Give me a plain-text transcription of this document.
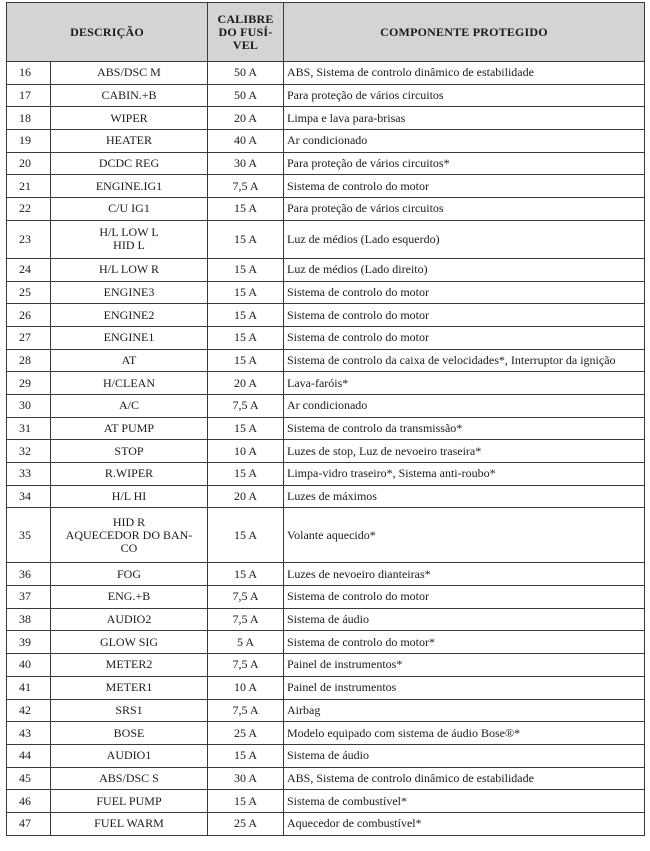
DESCRIÇÃO		CALIBRE
DO FUSÍ-
VEL	COMPONENTE PROTEGIDO
16	ABS/DSC M	50 A	ABS, Sistema de controlo dinâmico de estabilidade
17	CABIN.+B	50 A	Para proteção de vários circuitos
18	WIPER	20 A	Limpa e lava para-brisas
19	HEATER	40 A	Ar condicionado
20	DCDC REG	30 A	Para proteção de vários circuitos*
21	ENGINE.IG1	7,5 A	Sistema de controlo do motor
22	C/U IG1	15 A	Para proteção de vários circuitos
23	H/L LOW L
HID L	15 A	Luz de médios (Lado esquerdo)
24	H/L LOW R	15 A	Luz de médios (Lado direito)
25	ENGINE3	15 A	Sistema de controlo do motor
26	ENGINE2	15 A	Sistema de controlo do motor
27	ENGINE1	15 A	Sistema de controlo do motor
28	AT	15 A	Sistema de controlo da caixa de velocidades*, Interruptor da ignição
29	H/CLEAN	20 A	Lava-faróis*
30	A/C	7,5 A	Ar condicionado
31	AT PUMP	15 A	Sistema de controlo da transmissão*
32	STOP	10 A	Luzes de stop, Luz de nevoeiro traseira*
33	R.WIPER	15 A	Limpa-vidro traseiro*, Sistema anti-roubo*
34	H/L HI	20 A	Luzes de máximos
35	HID R
AQUECEDOR DO BAN-
CO	15 A	Volante aquecido*
36	FOG	15 A	Luzes de nevoeiro dianteiras*
37	ENG.+B	7,5 A	Sistema de controlo do motor
38	AUDIO2	7,5 A	Sistema de áudio
39	GLOW SIG	5 A	Sistema de controlo do motor*
40	METER2	7,5 A	Painel de instrumentos*
41	METER1	10 A	Painel de instrumentos
42	SRS1	7,5 A	Airbag
43	BOSE	25 A	Modelo equipado com sistema de áudio Bose®*
44	AUDIO1	15 A	Sistema de áudio
45	ABS/DSC S	30 A	ABS, Sistema de controlo dinâmico de estabilidade
46	FUEL PUMP	15 A	Sistema de combustível*
47	FUEL WARM	25 A	Aquecedor de combustível*
